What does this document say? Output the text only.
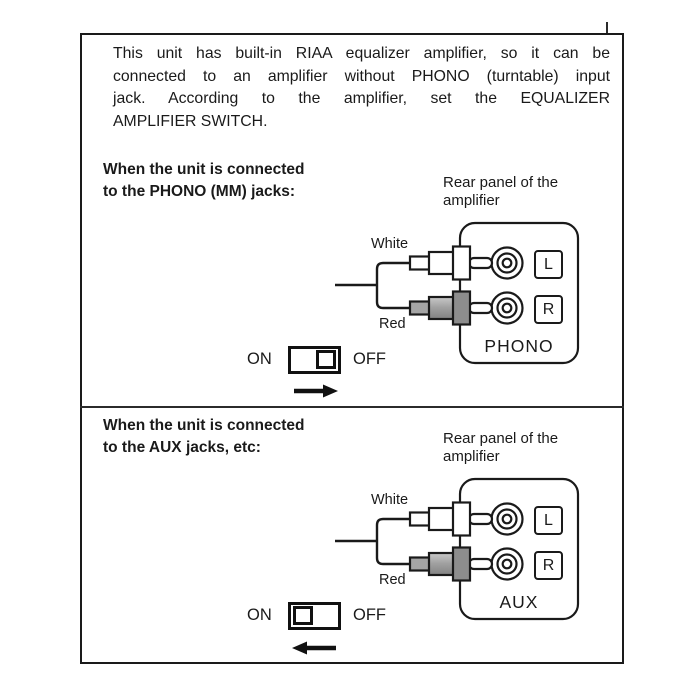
This unit has built-in RIAA equalizer amplifier, so it can be
connected to an amplifier without PHONO (turntable) input
jack. According to the amplifier, set the EQUALIZER
AMPLIFIER SWITCH.
When the unit is connected
to the PHONO (MM) jacks:	Rear panel of the
amplifier
White
Red
L
R
PHONO
ON	OFF
When the unit is connected
to the AUX jacks, etc:	Rear panel of the
amplifier
White
Red
L
R
AUX
ON	OFF
